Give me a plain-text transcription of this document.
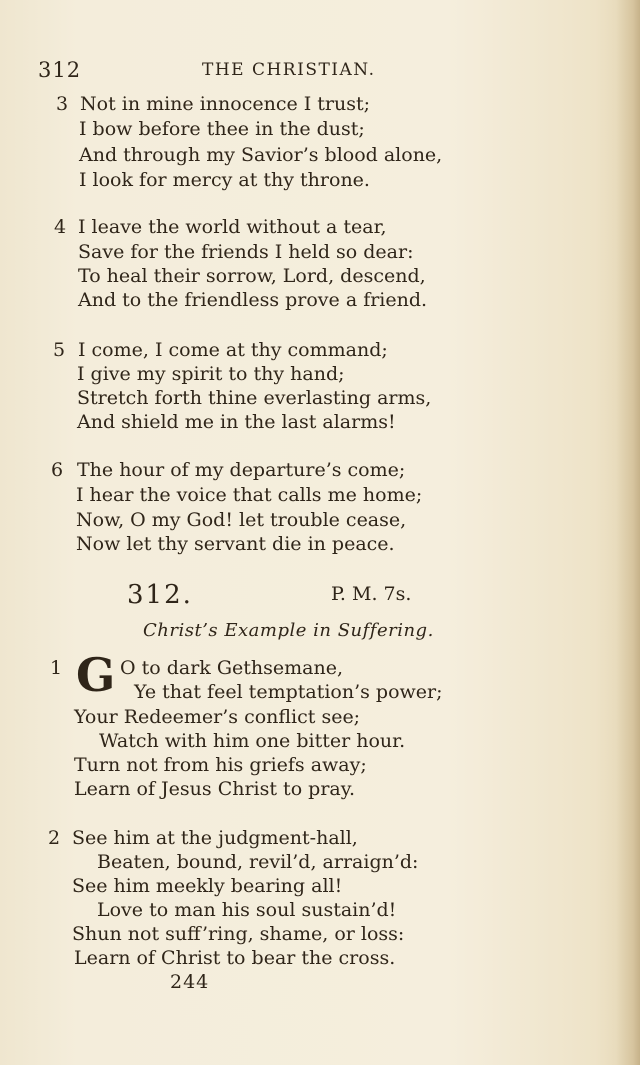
312	THE CHRISTIAN.
3 Not in mine innocence I trust;
I bow before thee in the dust;
And through my Savior’s blood alone,
I look for mercy at thy throne.
4 I leave the world without a tear,
Save for the friends I held so dear:
To heal their sorrow, Lord, descend,
And to the friendless prove a friend.
5 I come, I come at thy command;
I give my spirit to thy hand;
Stretch forth thine everlasting arms,
And shield me in the last alarms!
6 The hour of my departure’s come;
I hear the voice that calls me home;
Now, O my God! let trouble cease,
Now let thy servant die in peace.
312.	P. M. 7s.
Christ’s Example in Suffering.
1 G O to dark Gethsemane,
Ye that feel temptation’s power;
Your Redeemer’s conflict see;
Watch with him one bitter hour.
Turn not from his griefs away;
Learn of Jesus Christ to pray.
2 See him at the judgment-hall,
Beaten, bound, revil’d, arraign’d:
See him meekly bearing all!
Love to man his soul sustain’d!
Shun not suff’ring, shame, or loss:
Learn of Christ to bear the cross.
244
